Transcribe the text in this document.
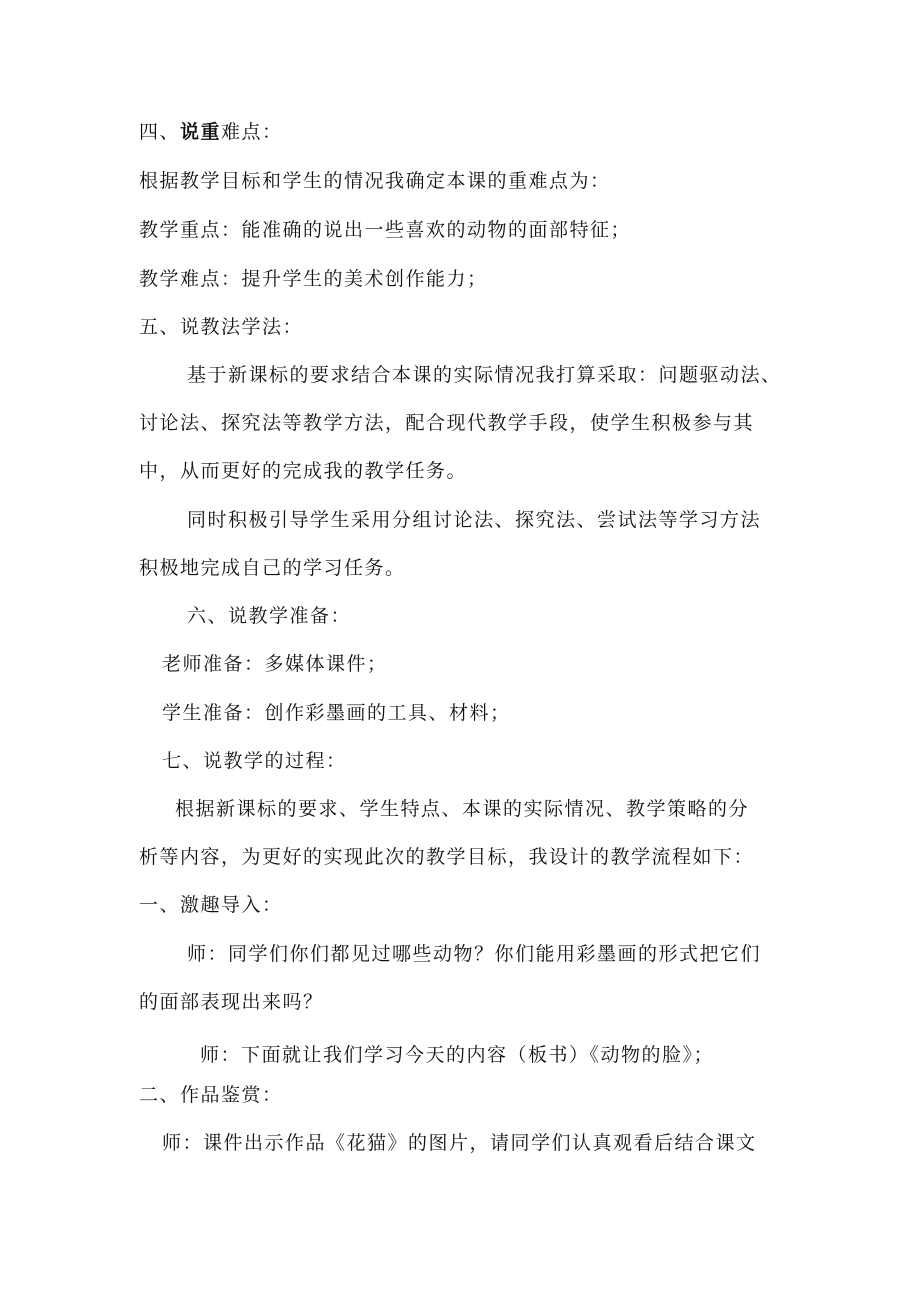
四、说重难点：
根据教学目标和学生的情况我确定本课的重难点为：
教学重点：能准确的说出一些喜欢的动物的面部特征；
教学难点：提升学生的美术创作能力；
五、说教法学法：
基于新课标的要求结合本课的实际情况我打算采取：问题驱动法、
讨论法、探究法等教学方法，配合现代教学手段，使学生积极参与其
中，从而更好的完成我的教学任务。
同时积极引导学生采用分组讨论法、探究法、尝试法等学习方法
积极地完成自己的学习任务。
六、说教学准备：
老师准备：多媒体课件；
学生准备：创作彩墨画的工具、材料；
七、说教学的过程：
根据新课标的要求、学生特点、本课的实际情况、教学策略的分
析等内容，为更好的实现此次的教学目标，我设计的教学流程如下：
一、激趣导入：
师：同学们你们都见过哪些动物？你们能用彩墨画的形式把它们
的面部表现出来吗？
师：下面就让我们学习今天的内容（板书）《动物的脸》；
二、作品鉴赏：
师：课件出示作品《花猫》的图片，请同学们认真观看后结合课文
